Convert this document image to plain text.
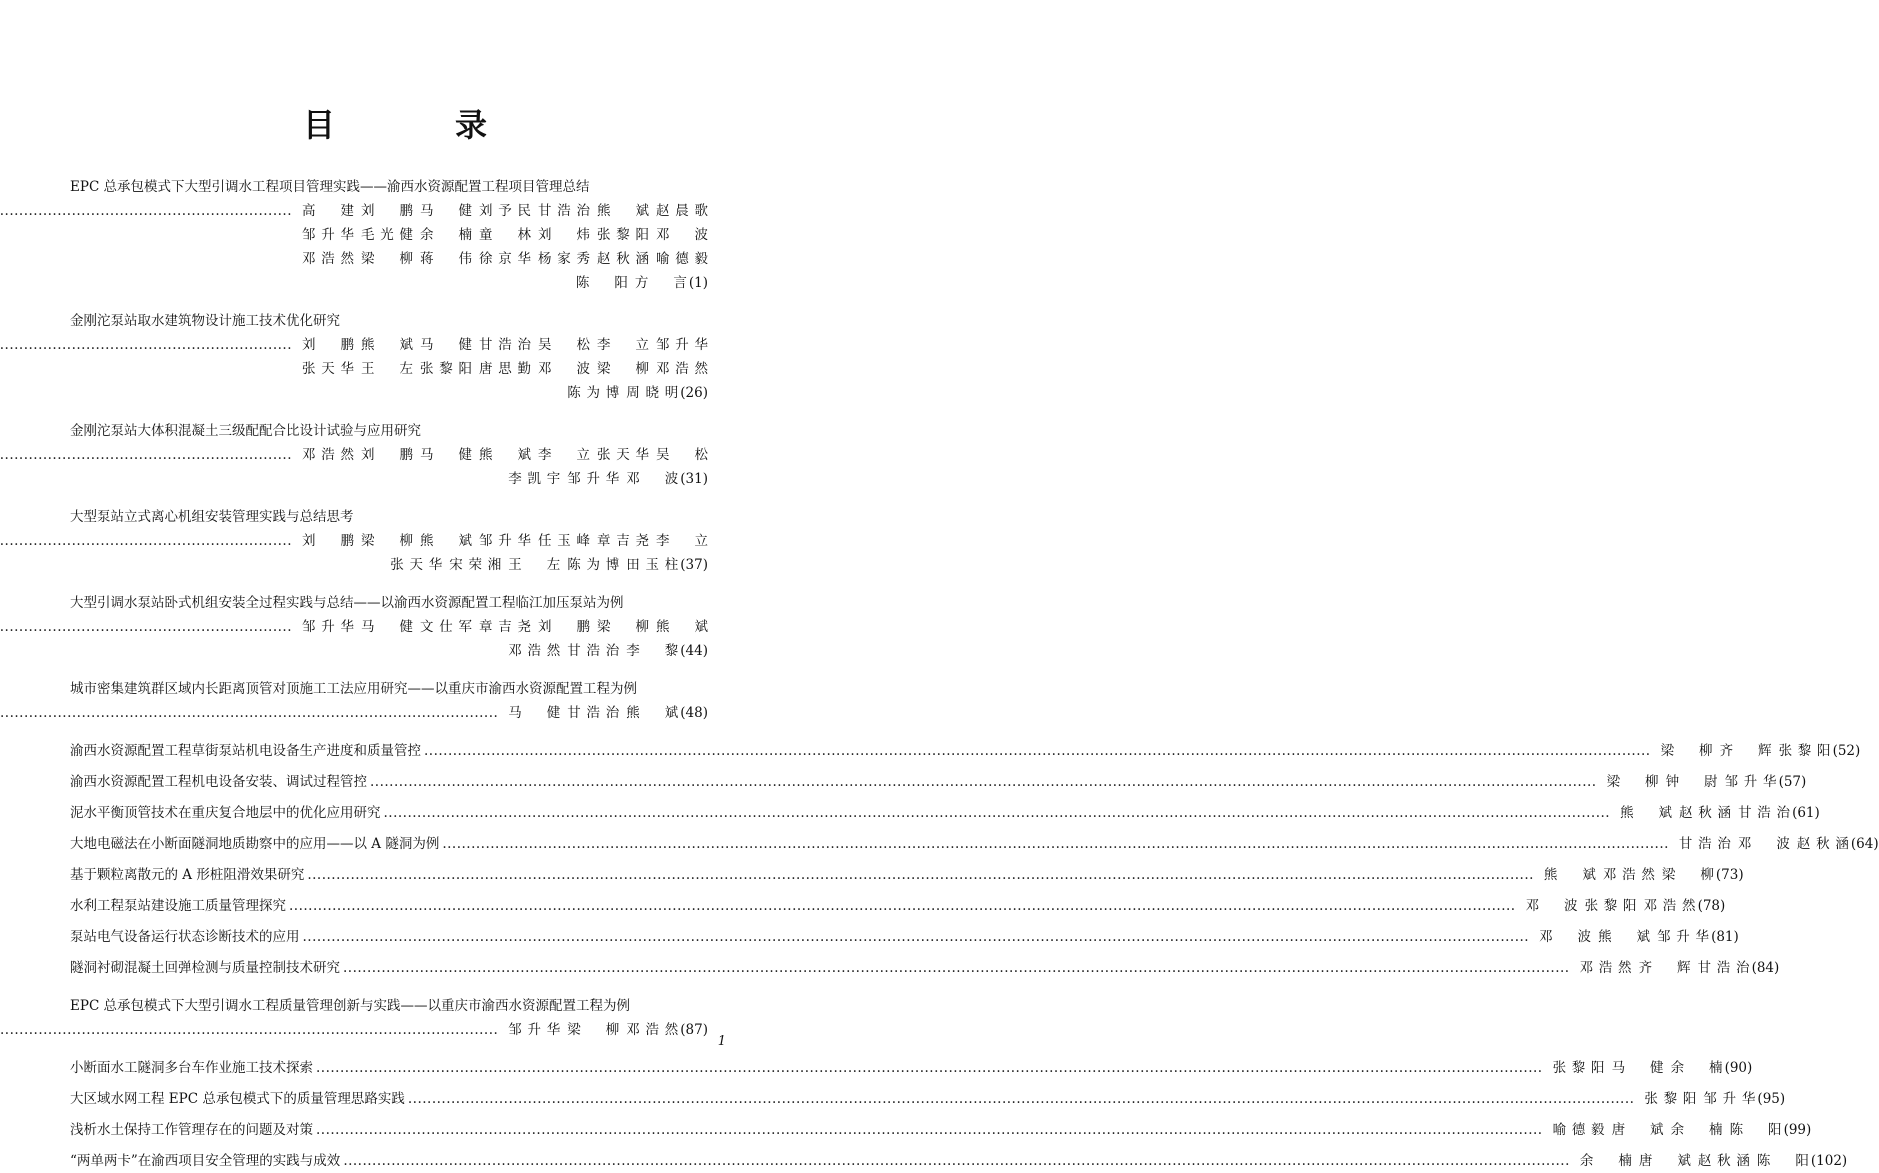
目　录
EPC 总承包模式下大型引调水工程项目管理实践——渝西水资源配置工程项目管理总结
.....
高建 刘鹏 马健 刘予民 甘浩治 熊斌 赵晨歌
邹升华 毛光健 余楠 童林 刘炜 张黎阳 邓波
邓浩然 梁柳 蒋伟 徐京华 杨家秀 赵秋涵 喻德毅
陈阳 方言 (1)
金刚沱泵站取水建筑物设计施工技术优化研究
.....
刘鹏 熊斌 马健 甘浩治 吴松 李立 邹升华
张天华 王左 张黎阳 唐思勤 邓波 梁柳 邓浩然
陈为博 周晓明 (26)
金刚沱泵站大体积混凝土三级配配合比设计试验与应用研究
.....
邓浩然 刘鹏 马健 熊斌 李立 张天华 吴松
李凯宇 邹升华 邓波 (31)
大型泵站立式离心机组安装管理实践与总结思考
.....
刘鹏 梁柳 熊斌 邹升华 任玉峰 章吉尧 李立
张天华 宋荣湘 王左 陈为博 田玉柱 (37)
大型引调水泵站卧式机组安装全过程实践与总结——以渝西水资源配置工程临江加压泵站为例
.....
邹升华 马健 文仕军 章吉尧 刘鹏 梁柳 熊斌
邓浩然 甘浩治 李黎 (44)
城市密集建筑群区域内长距离顶管对顶施工工法应用研究——以重庆市渝西水资源配置工程为例
.....
马健 甘浩治 熊斌 (48)
渝西水资源配置工程草街泵站机电设备生产进度和质量管控 .....	梁柳 齐辉 张黎阳 (52)
渝西水资源配置工程机电设备安装、调试过程管控 .....	梁柳 钟尉 邹升华 (57)
泥水平衡顶管技术在重庆复合地层中的优化应用研究 .....	熊斌 赵秋涵 甘浩治 (61)
大地电磁法在小断面隧洞地质勘察中的应用——以 A 隧洞为例 .....	甘浩治 邓波 赵秋涵 (64)
基于颗粒离散元的 A 形桩阻滑效果研究 .....	熊斌 邓浩然 梁柳 (73)
水利工程泵站建设施工质量管理探究 .....	邓波 张黎阳 邓浩然 (78)
泵站电气设备运行状态诊断技术的应用 .....	邓波 熊斌 邹升华 (81)
隧洞衬砌混凝土回弹检测与质量控制技术研究 .....	邓浩然 齐辉 甘浩治 (84)
EPC 总承包模式下大型引调水工程质量管理创新与实践——以重庆市渝西水资源配置工程为例
.....
邹升华 梁柳 邓浩然 (87)
小断面水工隧洞多台车作业施工技术探索 .....	张黎阳 马健 余楠 (90)
大区域水网工程 EPC 总承包模式下的质量管理思路实践 .....	张黎阳 邹升华 (95)
浅析水土保持工作管理存在的问题及对策 .....	喻德毅 唐斌 余楠 陈阳 (99)
“两单两卡”在渝西项目安全管理的实践与成效 .....	余楠 唐斌 赵秋涵 陈阳 (102)
1
